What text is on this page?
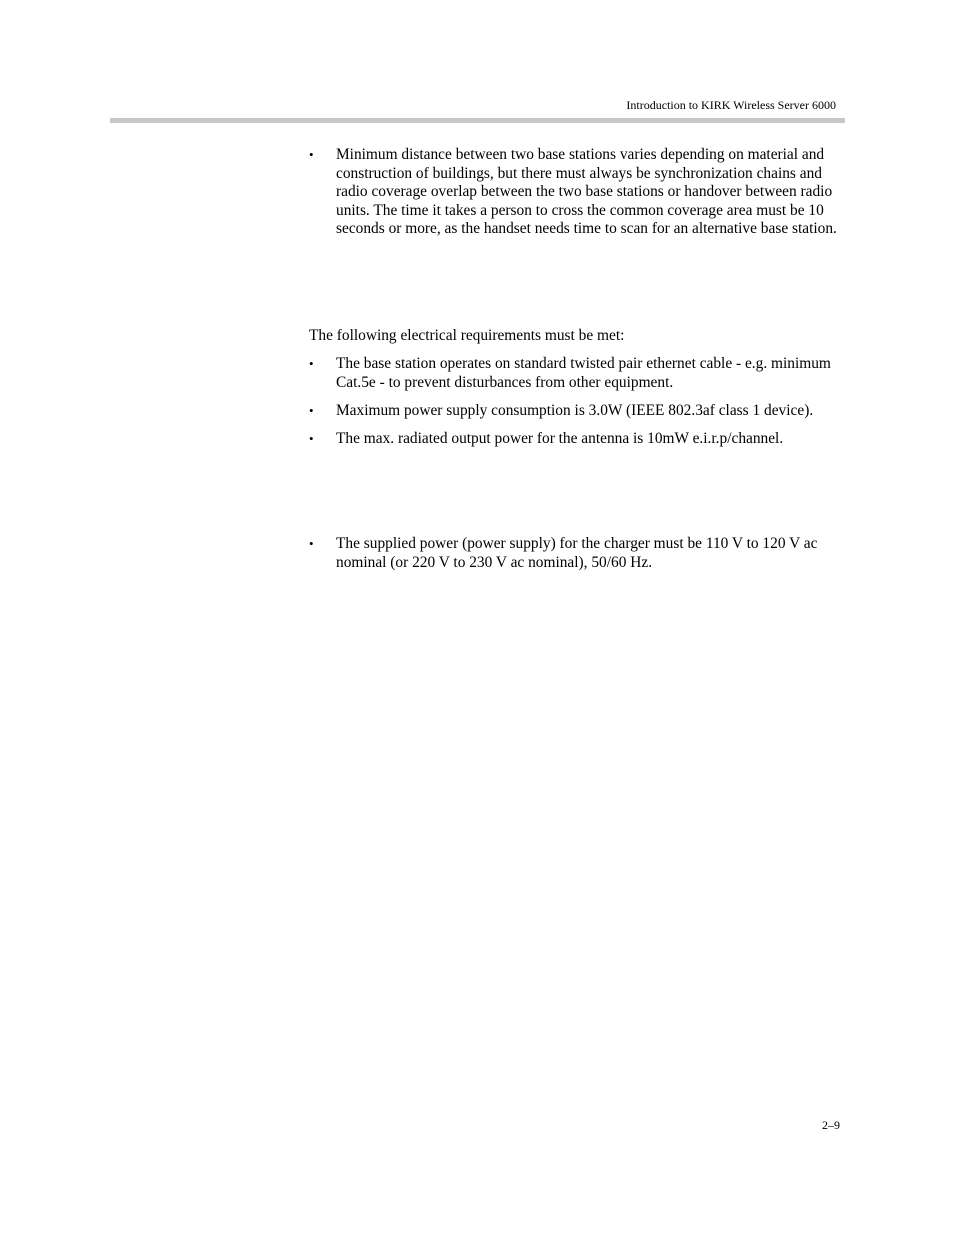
Introduction to KIRK Wireless Server 6000

•	Minimum distance between two base stations varies depending on material and construction of buildings, but there must always be synchronization chains and radio coverage overlap between the two base stations or handover between radio units. The time it takes a person to cross the common coverage area must be 10 seconds or more, as the handset needs time to scan for an alternative base station.

The following electrical requirements must be met:

•	The base station operates on standard twisted pair ethernet cable - e.g. minimum Cat.5e - to prevent disturbances from other equipment.

•	Maximum power supply consumption is 3.0W (IEEE 802.3af class 1 device).

•	The max. radiated output power for the antenna is 10mW e.i.r.p/channel.

•	The supplied power (power supply) for the charger must be 110 V to 120 V ac nominal (or 220 V to 230 V ac nominal), 50/60 Hz.

2–9
